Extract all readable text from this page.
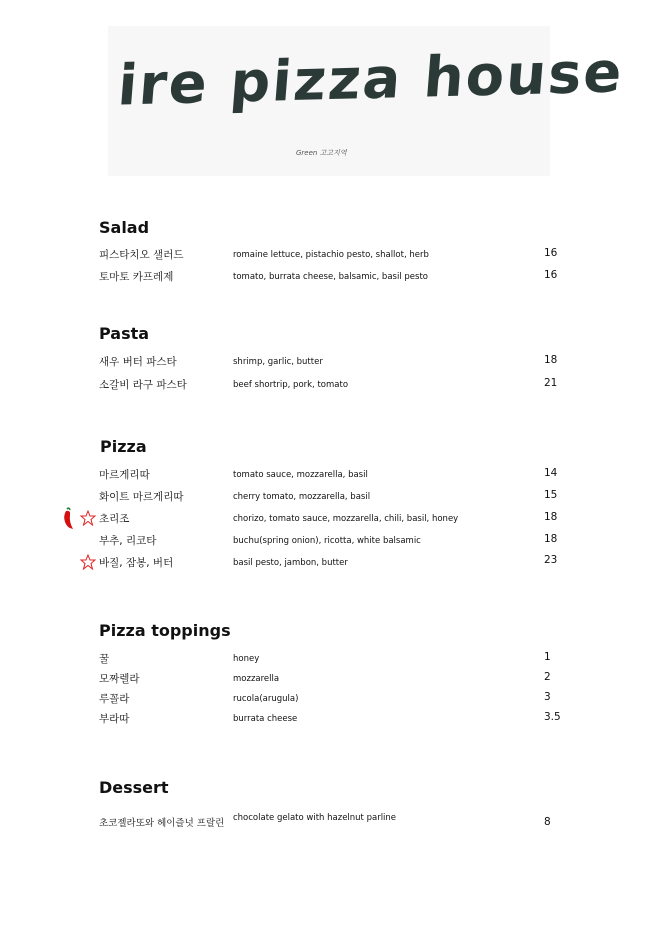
ire pizza house
Green 고고지역
Salad
피스타치오 샐러드	romaine lettuce, pistachio pesto, shallot, herb	16
토마토 카프레제	tomato, burrata cheese, balsamic, basil pesto	16
Pasta
새우 버터 파스타	shrimp, garlic, butter	18
소갈비 라구 파스타	beef shortrip, pork, tomato	21
Pizza
마르게리따	tomato sauce, mozzarella, basil	14
화이트 마르게리따	cherry tomato, mozzarella, basil	15
초리조	chorizo, tomato sauce, mozzarella, chili, basil, honey	18
부추, 리코타	buchu(spring onion), ricotta, white balsamic	18
바질, 잠봉, 버터	basil pesto, jambon, butter	23
Pizza toppings
꿀	honey	1
모짜렐라	mozzarella	2
루꼴라	rucola(arugula)	3
부라따	burrata cheese	3.5
Dessert
초코젤라또와 헤이즐넛 프랄린 chocolate gelato with hazelnut parline	8
